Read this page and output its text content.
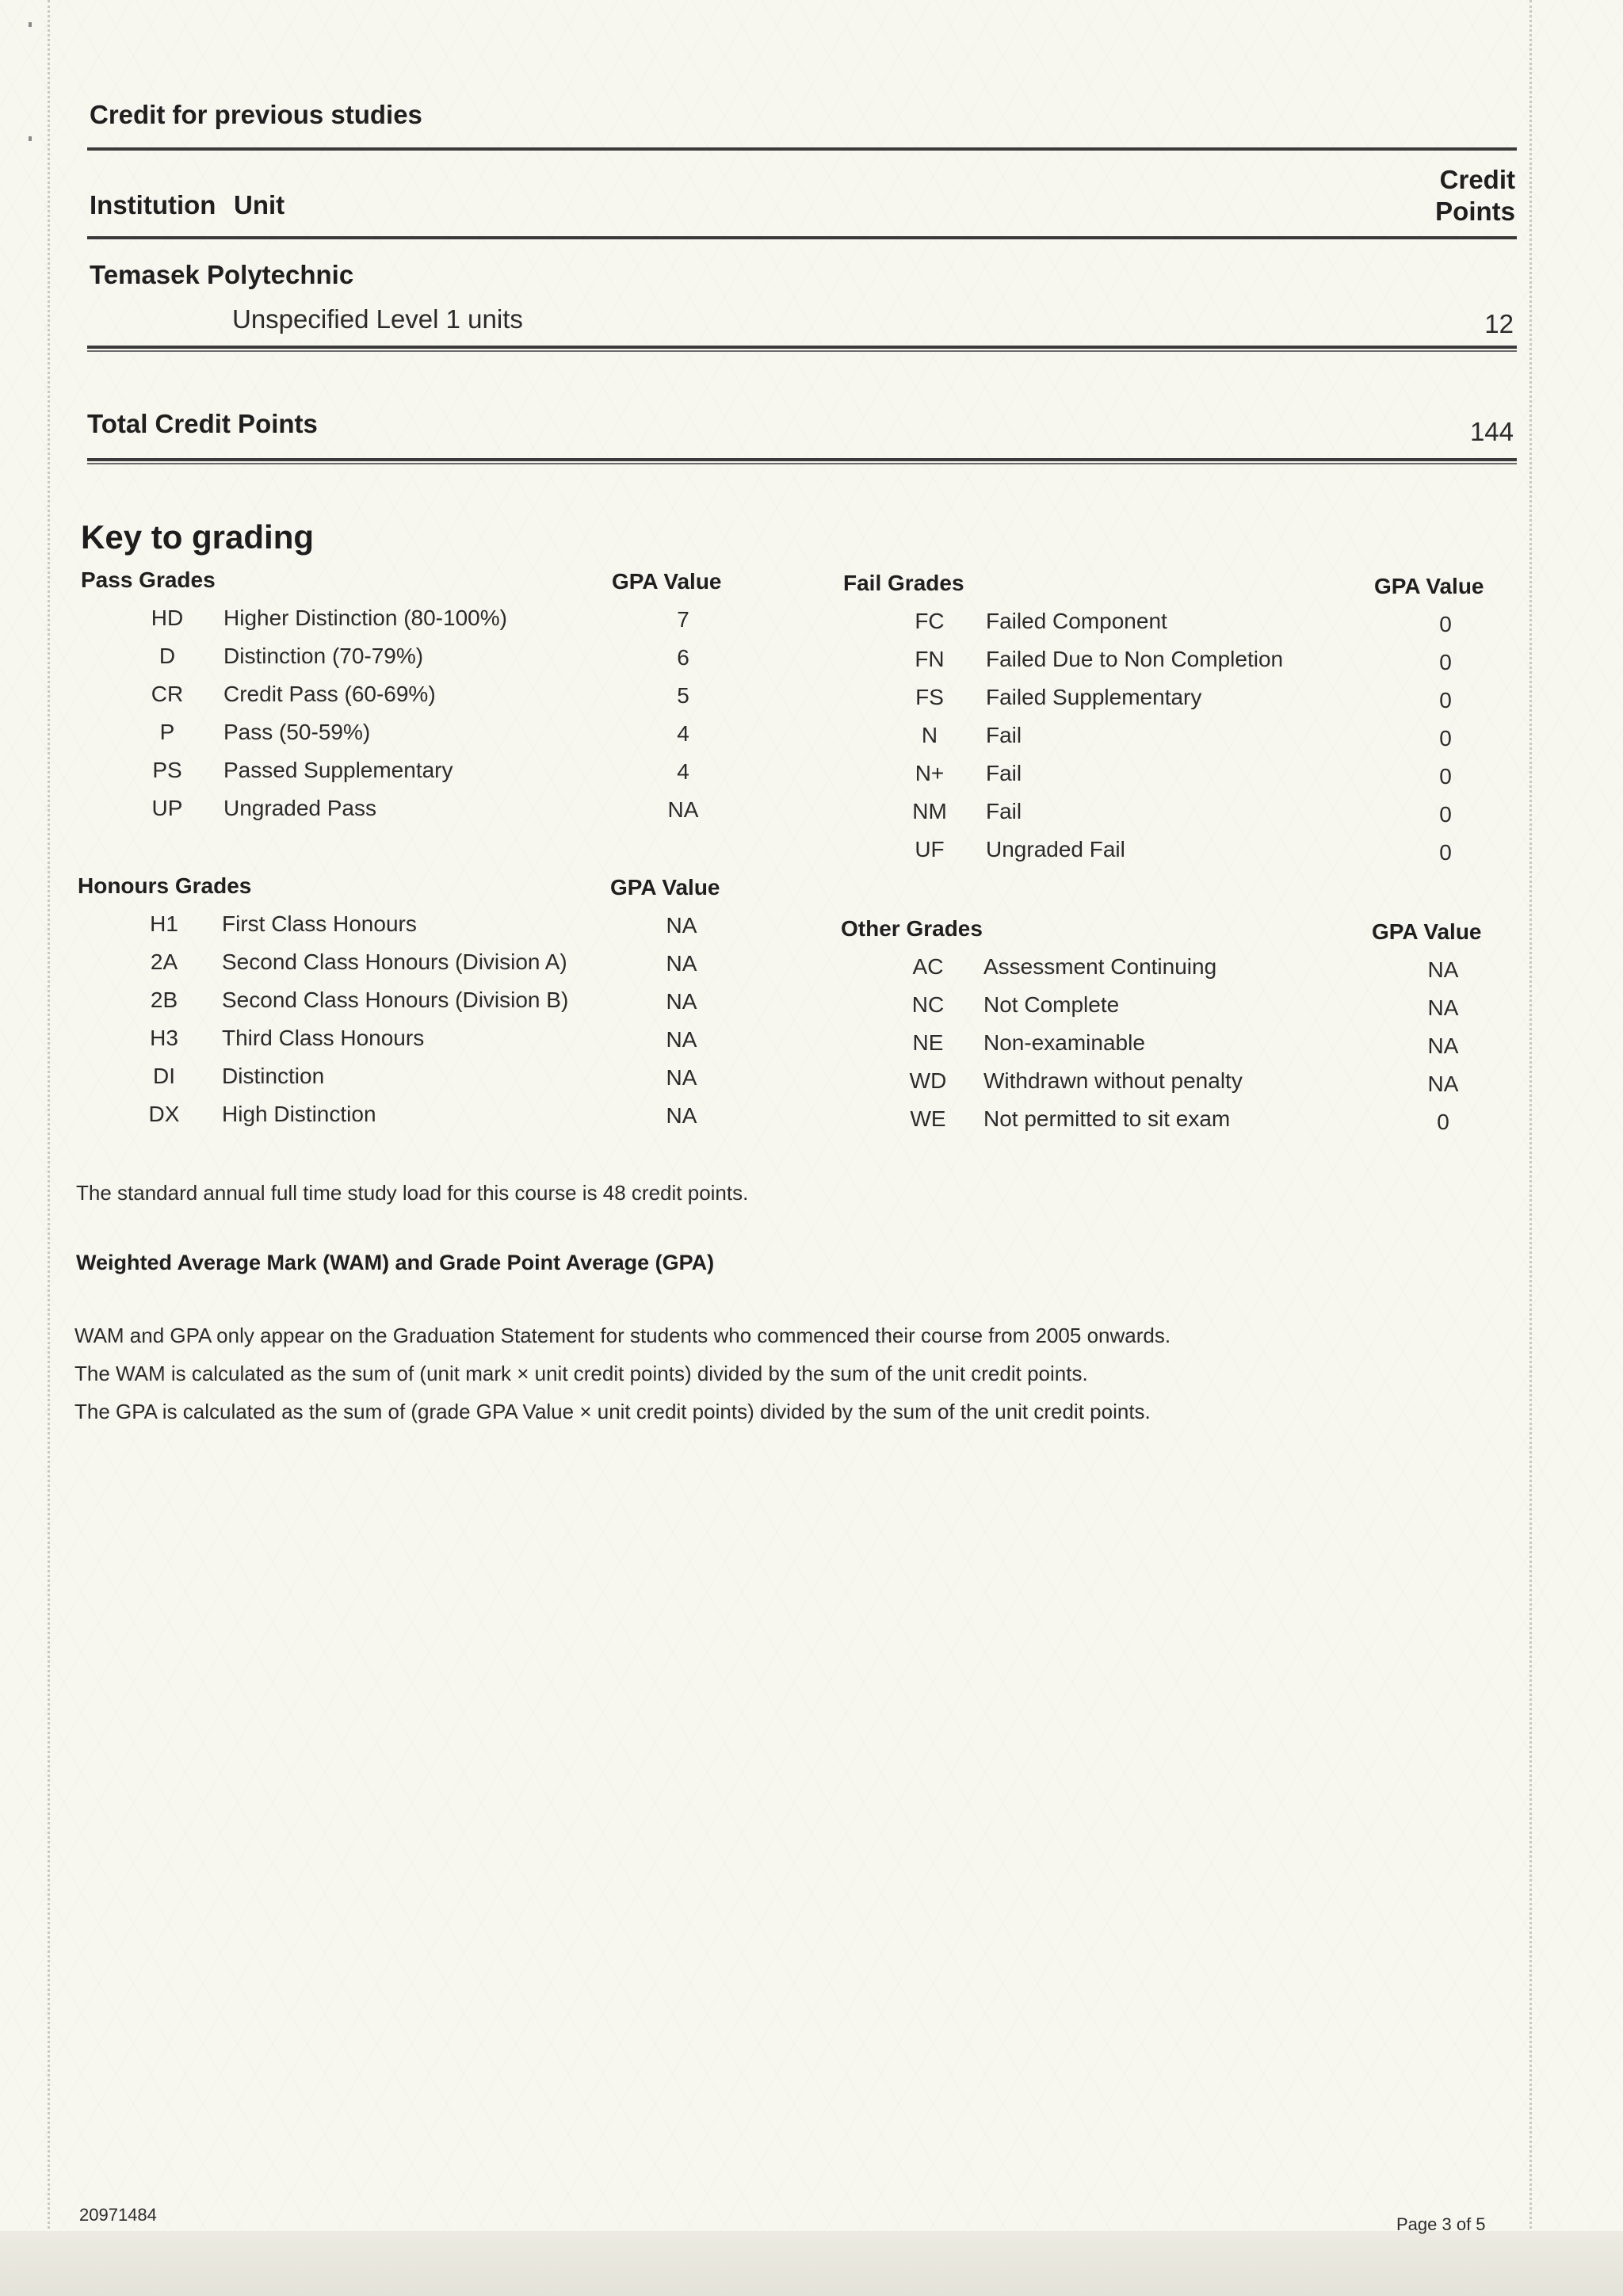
Credit for previous studies
Institution Unit
Credit
Points
Temasek Polytechnic
Unspecified Level 1 units	12
Total Credit Points	144
Key to grading
Pass Grades	GPA Value
HD	Higher Distinction (80-100%)	7
D	Distinction (70-79%)	6
CR	Credit Pass (60-69%)	5
P	Pass (50-59%)	4
PS	Passed Supplementary	4
UP	Ungraded Pass	NA
Fail Grades	GPA Value
FC	Failed Component	0
FN	Failed Due to Non Completion	0
FS	Failed Supplementary	0
N	Fail	0
N+	Fail	0
NM	Fail	0
UF	Ungraded Fail	0
Honours Grades	GPA Value
H1	First Class Honours	NA
2A	Second Class Honours (Division A)	NA
2B	Second Class Honours (Division B)	NA
H3	Third Class Honours	NA
DI	Distinction	NA
DX	High Distinction	NA
Other Grades	GPA Value
AC	Assessment Continuing	NA
NC	Not Complete	NA
NE	Non-examinable	NA
WD	Withdrawn without penalty	NA
WE	Not permitted to sit exam	0
The standard annual full time study load for this course is 48 credit points.
Weighted Average Mark (WAM) and Grade Point Average (GPA)
WAM and GPA only appear on the Graduation Statement for students who commenced their course from 2005 onwards.
The WAM is calculated as the sum of (unit mark × unit credit points) divided by the sum of the unit credit points.
The GPA is calculated as the sum of (grade GPA Value × unit credit points) divided by the sum of the unit credit points.
20971484	Page 3 of 5
